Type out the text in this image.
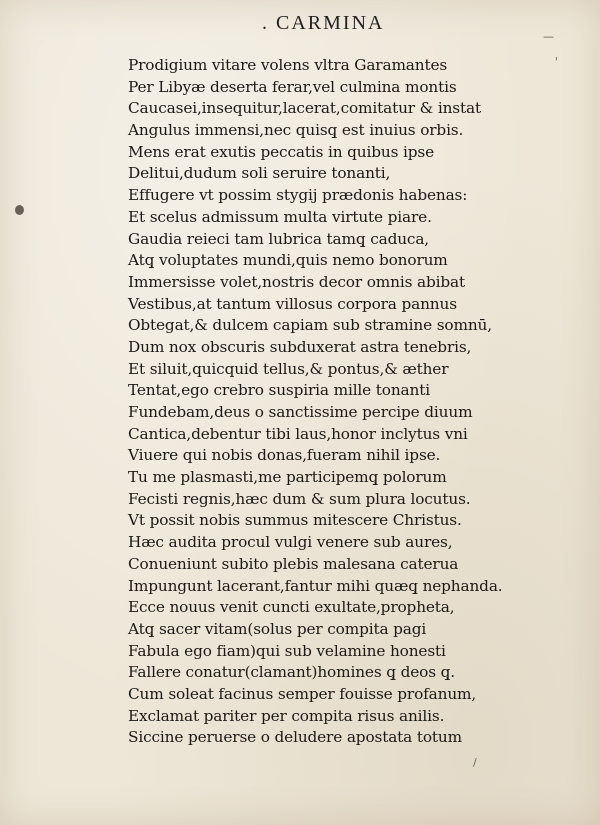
. CARMINA
—
'
Prodigium vitare volens vltra Garamantes
Per Libyæ deserta ferar,vel culmina montis
Caucasei,insequitur,lacerat,comitatur & instat
Angulus immensi,nec quisq̧ est inuius orbis.
Mens erat exutis peccatis in quibus ipse
Delitui,dudum soli seruire tonanti,
Effugere vt possim stygij prædonis habenas:
Et scelus admissum multa virtute piare.
Gaudia reieci tam lubrica tamq̧ caduca,
Atq̧ voluptates mundi,quis nemo bonorum
Immersisse volet,nostris decor omnis abibat
Vestibus,at tantum villosus corpora pannus
Obtegat,& dulcem capiam sub stramine somnū,
Dum nox obscuris subduxerat astra tenebris,
Et siluit,quicquid tellus,& pontus,& æther
Tentat,ego crebro suspiria mille tonanti
Fundebam,deus o sanctissime percipe diuum
Cantica,debentur tibi laus,honor inclytus vni
Viuere qui nobis donas,fueram nihil ipse.
Tu me plasmasti,me participemq̧ polorum
Fecisti regnis,hæc dum & sum plura locutus.
Vt possit nobis summus mitescere Christus.
Hæc audita procul vulgi venere sub aures,
Conueniunt subito plebis malesana caterua
Impungunt lacerant,fantur mihi quæq̧ nephanda.
Ecce nouus venit cuncti exultate,propheta,
Atq̧ sacer vitam(solus per compita pagi
Fabula ego fiam)qui sub velamine honesti
Fallere conatur(clamant)homines q̧ deos q̧.
Cum soleat facinus semper fouisse profanum,
Exclamat pariter per compita risus anilis.
Siccine peruerse o deludere apostata totum
/
